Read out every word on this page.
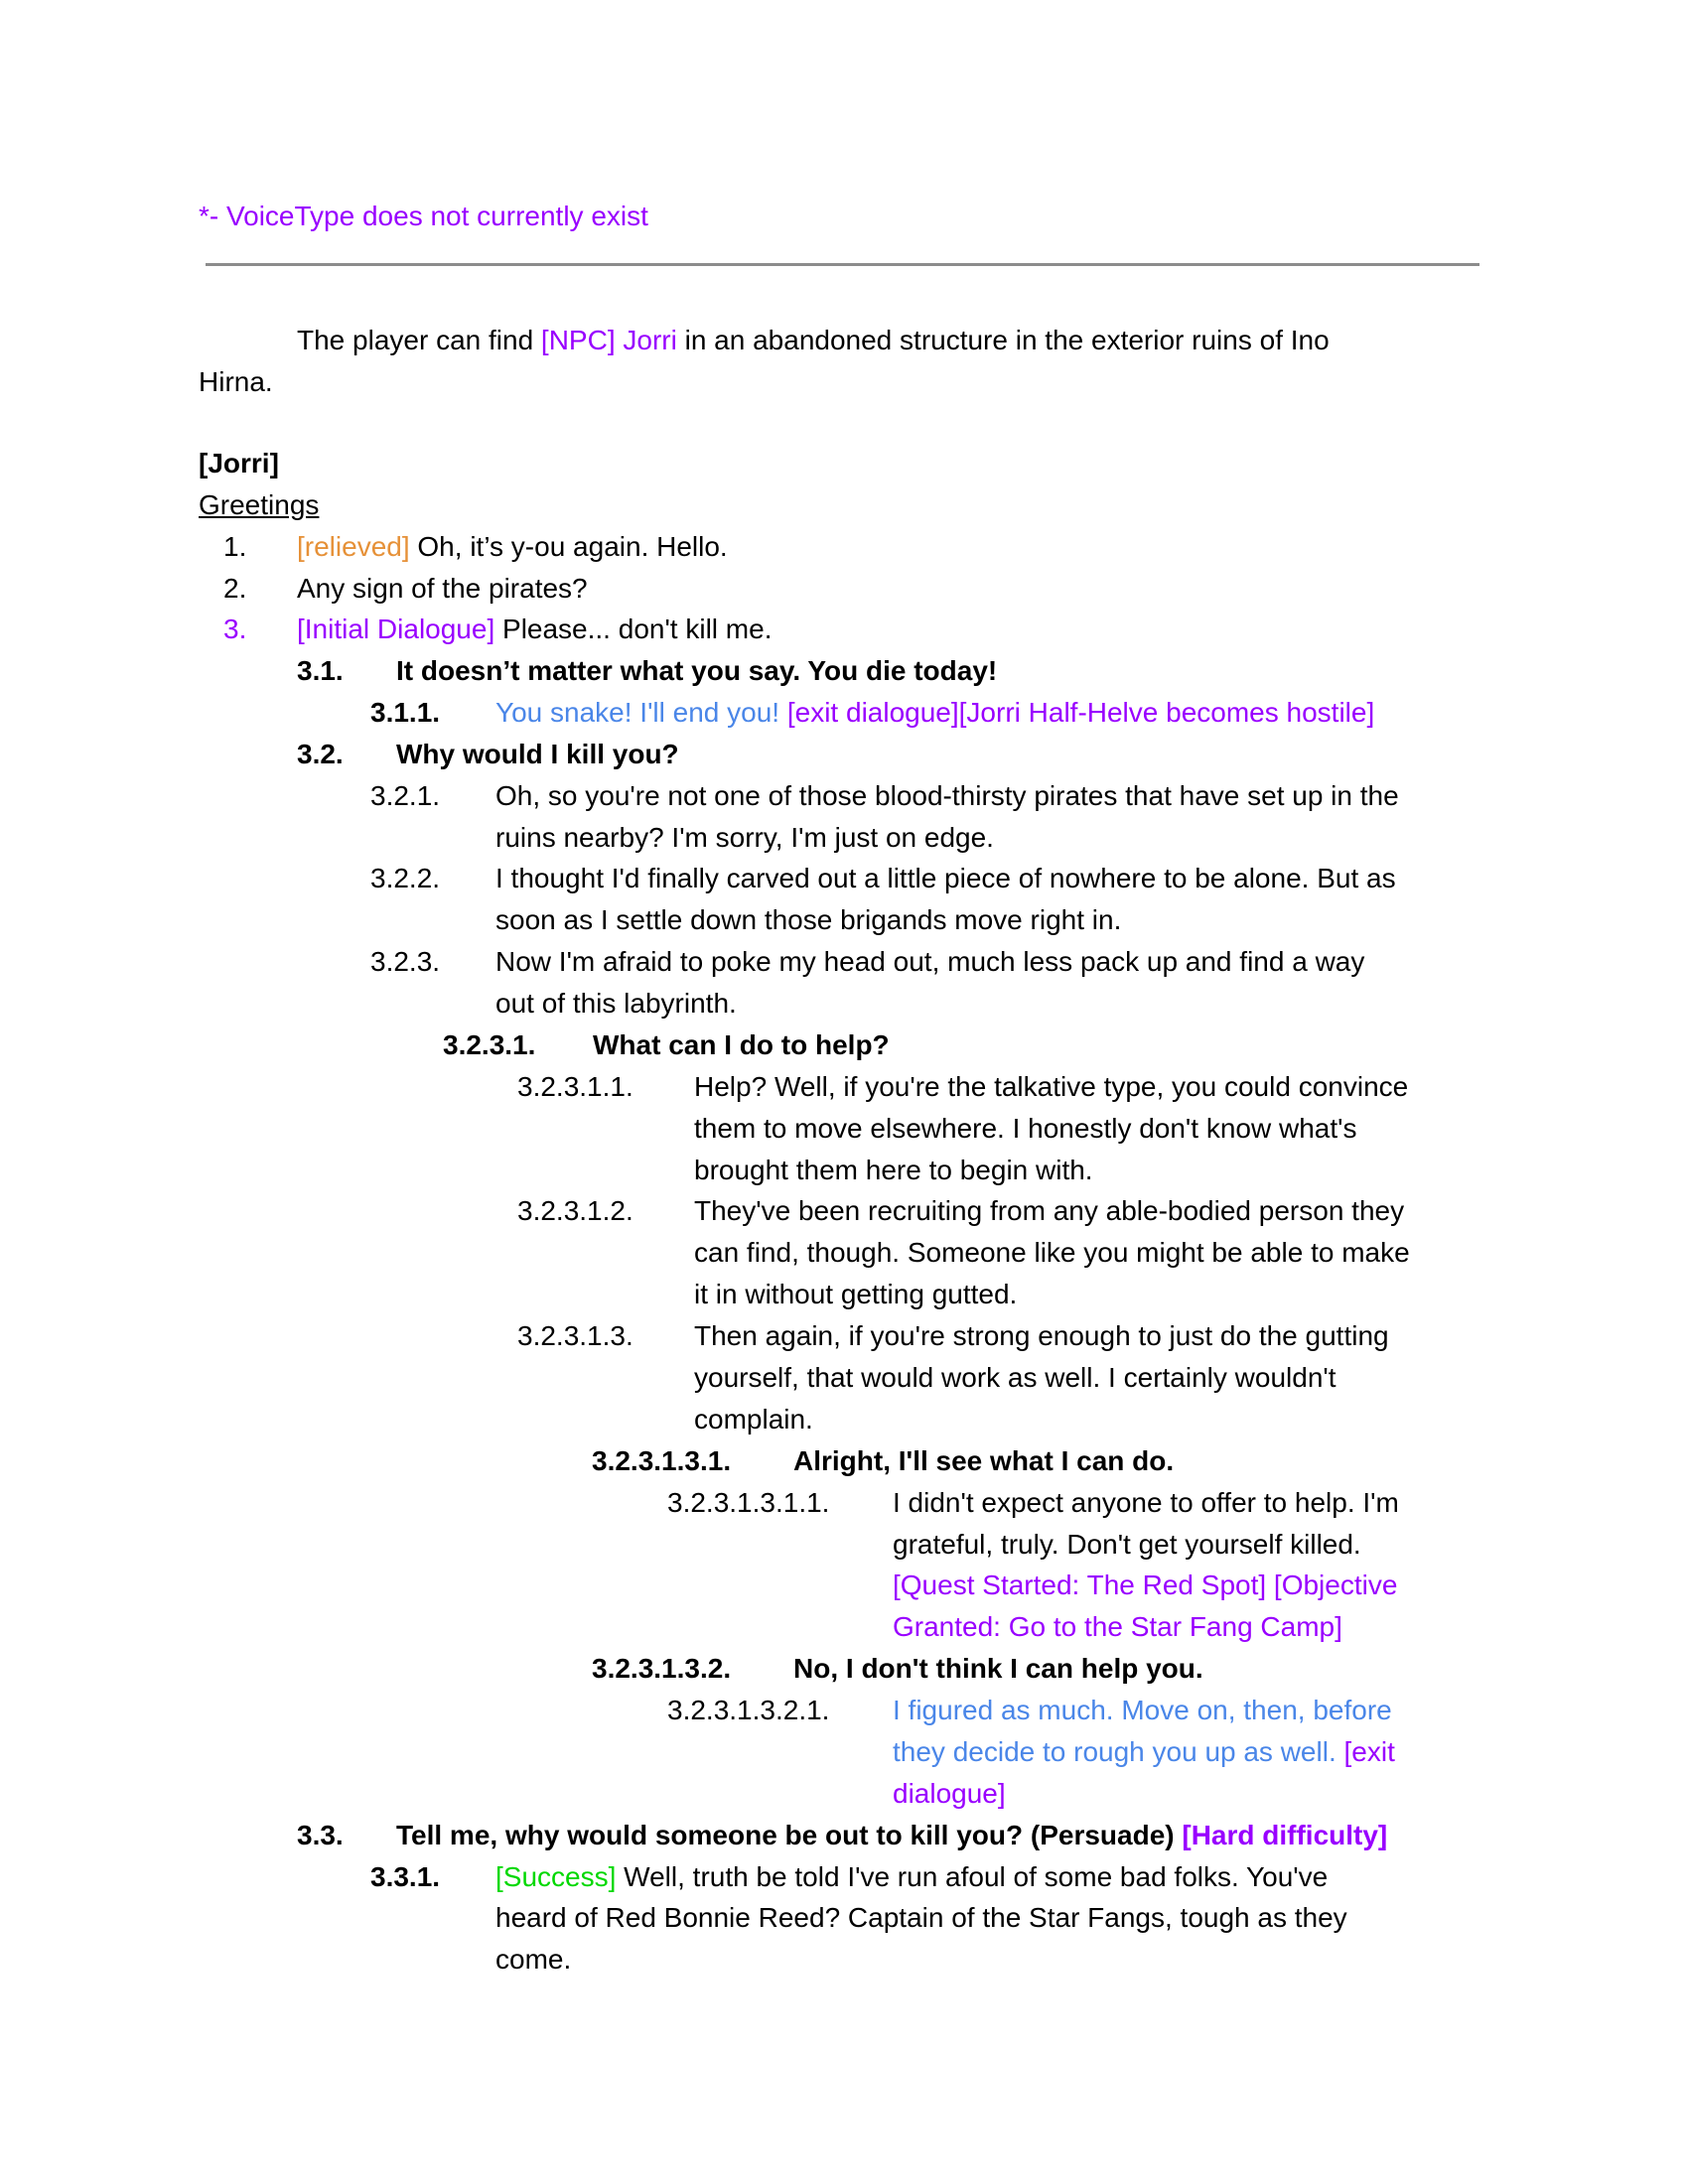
*- VoiceType does not currently exist
The player can find [NPC] Jorri in an abandoned structure in the exterior ruins of Ino
Hirna.
[Jorri]
Greetings
1. [relieved] Oh, it’s y-ou again. Hello.
2. Any sign of the pirates?
3. [Initial Dialogue] Please... don't kill me.
3.1. It doesn’t matter what you say. You die today!
3.1.1. You snake! I'll end you! [exit dialogue][Jorri Half-Helve becomes hostile]
3.2. Why would I kill you?
3.2.1. Oh, so you're not one of those blood-thirsty pirates that have set up in the
ruins nearby? I'm sorry, I'm just on edge.
3.2.2. I thought I'd finally carved out a little piece of nowhere to be alone. But as
soon as I settle down those brigands move right in.
3.2.3. Now I'm afraid to poke my head out, much less pack up and find a way
out of this labyrinth.
3.2.3.1. What can I do to help?
3.2.3.1.1. Help? Well, if you're the talkative type, you could convince
them to move elsewhere. I honestly don't know what's
brought them here to begin with.
3.2.3.1.2. They've been recruiting from any able-bodied person they
can find, though. Someone like you might be able to make
it in without getting gutted.
3.2.3.1.3. Then again, if you're strong enough to just do the gutting
yourself, that would work as well. I certainly wouldn't
complain.
3.2.3.1.3.1. Alright, I'll see what I can do.
3.2.3.1.3.1.1. I didn't expect anyone to offer to help. I'm
grateful, truly. Don't get yourself killed.
[Quest Started: The Red Spot] [Objective
Granted: Go to the Star Fang Camp]
3.2.3.1.3.2. No, I don't think I can help you.
3.2.3.1.3.2.1. I figured as much. Move on, then, before
they decide to rough you up as well. [exit
dialogue]
3.3. Tell me, why would someone be out to kill you? (Persuade) [Hard difficulty]
3.3.1. [Success] Well, truth be told I've run afoul of some bad folks. You've
heard of Red Bonnie Reed? Captain of the Star Fangs, tough as they
come.
